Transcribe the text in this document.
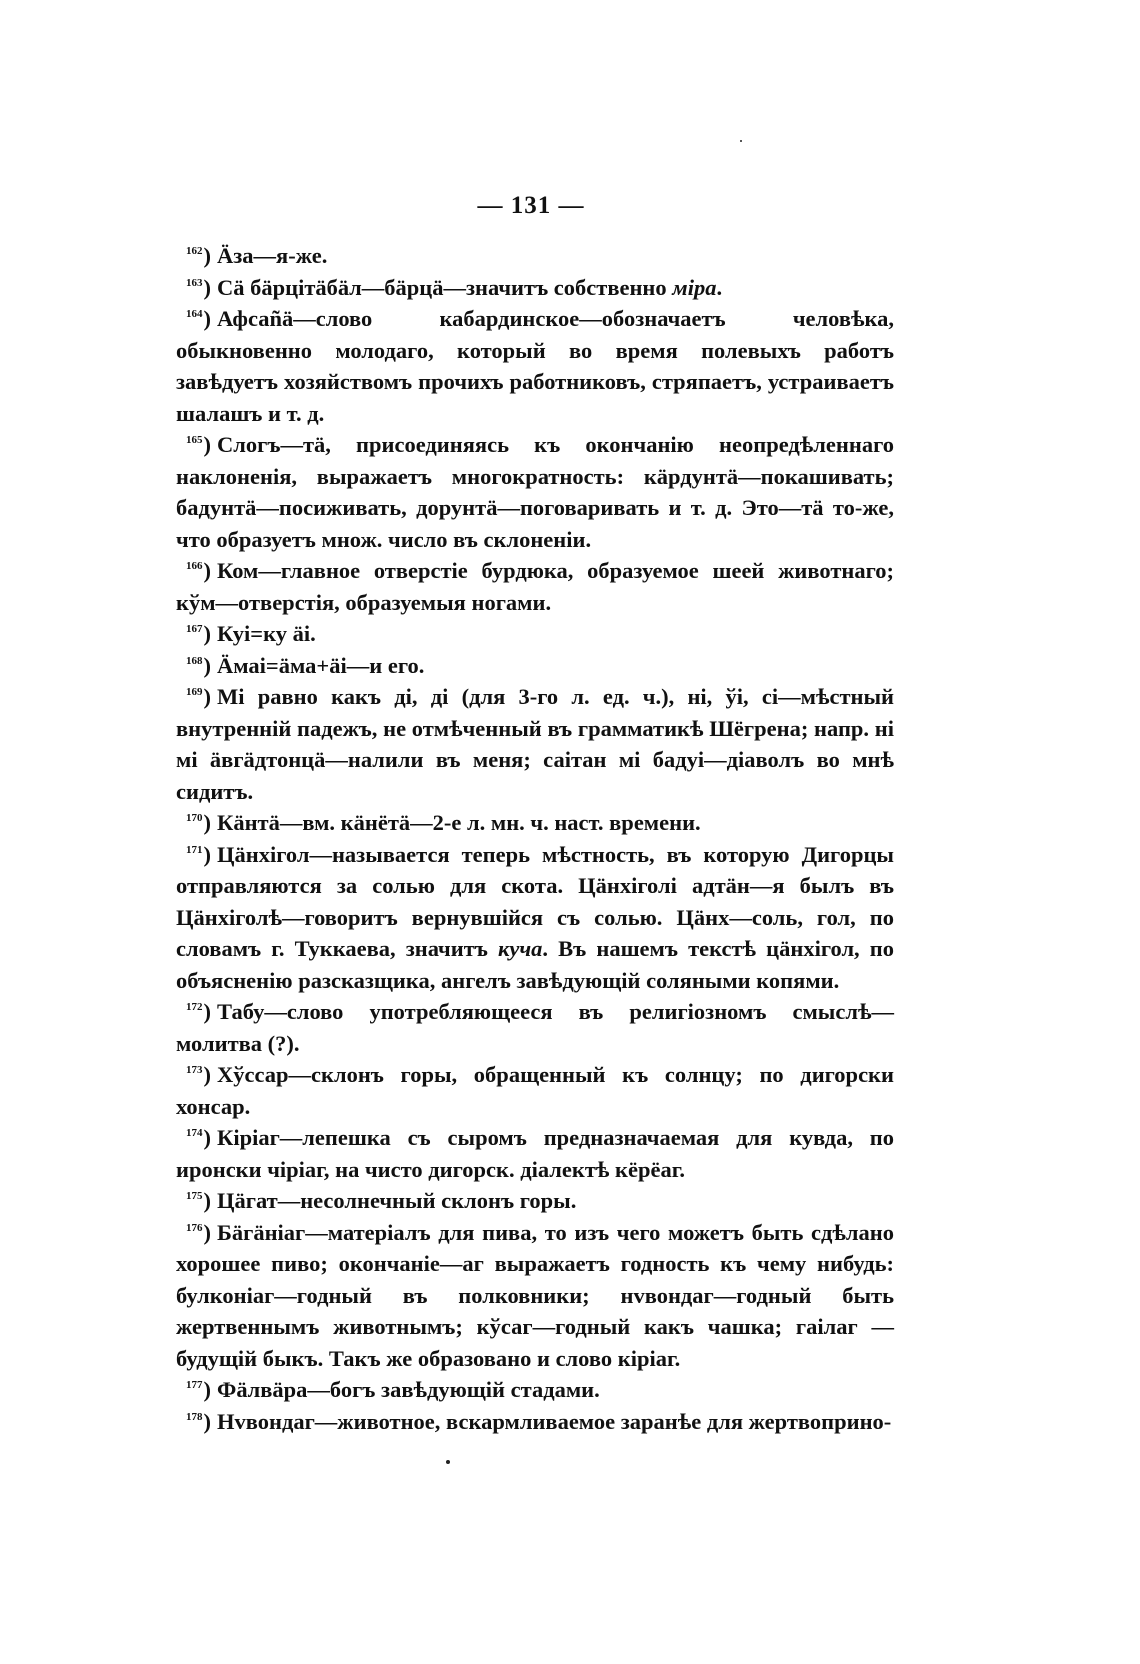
— 131 —

$^{162}$) Äза—я-же.

$^{163}$) Сä бäрцiтäбäл—бäрцä—значитъ собственно міра.

$^{164}$) Афсаñä—слово кабардинское—обозначаетъ человѣка, обыкновенно молодаго, который во время полевыхъ работъ завѣдуетъ хозяйствомъ прочихъ работниковъ, стряпаетъ, устраиваетъ шалашъ и т. д.

$^{165}$) Слогъ—тä, присоединяясь къ окончанію неопредѣленнаго наклоненія, выражаетъ многократность: кäрдунтä—покашивать; бадунтä—посиживать, дорунтä—поговаривать и т. д. Это—тä то-же, что образуетъ множ. число въ склоненіи.

$^{166}$) Ком—главное отверстіе бурдюка, образуемое шеей животнаго; кўм—отверстія, образуемыя ногами.

$^{167}$) Куi=ку äi.

$^{168}$) Äмаi=äма+äi—и его.

$^{169}$) Мi равно какъ дi, дi (для 3-го л. ед. ч.), нi, ўi, сi—мѣстный внутренній падежъ, не отмѣченный въ грамматикѣ Шёгрена; напр. нi мi äвгäдтонцä—налили въ меня; саiтан мi бадуi—діаволъ во мнѣ сидитъ.

$^{170}$) Кäнтä—вм. кäнётä—2-е л. мн. ч. наст. времени.

$^{171}$) Цäнхiгол—называется теперь мѣстность, въ которую Дигорцы отправляются за солью для скота. Цäнхiголi адтäн—я былъ въ Цäнхiголѣ—говоритъ вернувшійся съ солью. Цäнх—соль, гол, по словамъ г. Туккаева, значитъ куча. Въ нашемъ текстѣ цäнхiгол, по объясненію разсказщика, ангелъ завѣдующій соляными копями.

$^{172}$) Табу—слово употребляющееся въ религіозномъ смыслѣ—молитва (?).

$^{173}$) Хўссар—склонъ горы, обращенный къ солнцу; по дигорски хонсар.

$^{174}$) Кiрiаг—лепешка съ сыромъ предназначаемая для кувда, по иронски чiрiаг, на чисто дигорск. діалектѣ кёрёаг.

$^{175}$) Цäгат—несолнечный склонъ горы.

$^{176}$) Бäгäнiаг—матеріалъ для пива, то изъ чего можетъ быть сдѣлано хорошее пиво; окончаніе—аг выражаетъ годность къ чему нибудь: булконіаг—годный въ полковники; нvвондаг—годный быть жертвеннымъ животнымъ; кўсаг—годный какъ чашка; гаiлаг — будущій быкъ. Такъ же образовано и слово кiрiаг.

$^{177}$) Фäлвäра—богъ завѣдующій стадами.

$^{178}$) Нvвондаг—животное, вскармливаемое заранѣе для жертвоприно-
